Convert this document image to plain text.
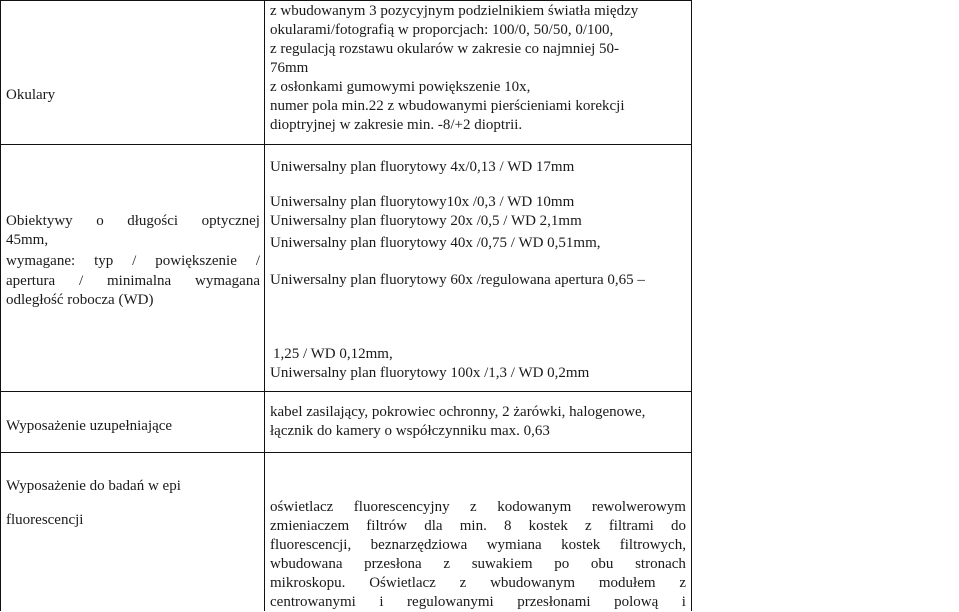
Okulary
z wbudowanym 3 pozycyjnym podzielnikiem światła między
okularami/fotografią w proporcjach: 100/0, 50/50, 0/100,
z regulacją rozstawu okularów w zakresie co najmniej 50-
76mm
z osłonkami gumowymi powiększenie 10x,
numer pola min.22 z wbudowanymi pierścieniami korekcji
dioptryjnej w zakresie min. -8/+2 dioptrii.
Obiektywy o długości optycznej
45mm,
wymagane: typ / powiększenie /
apertura / minimalna wymagana
odległość robocza (WD)
Uniwersalny plan fluorytowy 4x/0,13 / WD 17mm
Uniwersalny plan fluorytowy10x /0,3 / WD 10mm
Uniwersalny plan fluorytowy 20x /0,5 / WD 2,1mm
Uniwersalny plan fluorytowy 40x /0,75 / WD 0,51mm,
Uniwersalny plan fluorytowy 60x /regulowana apertura 0,65 –
1,25 / WD 0,12mm,
Uniwersalny plan fluorytowy 100x /1,3 / WD 0,2mm
Wyposażenie uzupełniające
kabel zasilający, pokrowiec ochronny, 2 żarówki, halogenowe,
łącznik do kamery o współczynniku max. 0,63
Wyposażenie do badań w epi
fluorescencji
oświetlacz fluorescencyjny z kodowanym rewolwerowym
zmieniaczem filtrów dla min. 8 kostek z filtrami do
fluorescencji, beznarzędziowa wymiana kostek filtrowych,
wbudowana przesłona z suwakiem po obu stronach
mikroskopu. Oświetlacz z wbudowanym modułem z
centrowanymi i regulowanymi przesłonami polową i
